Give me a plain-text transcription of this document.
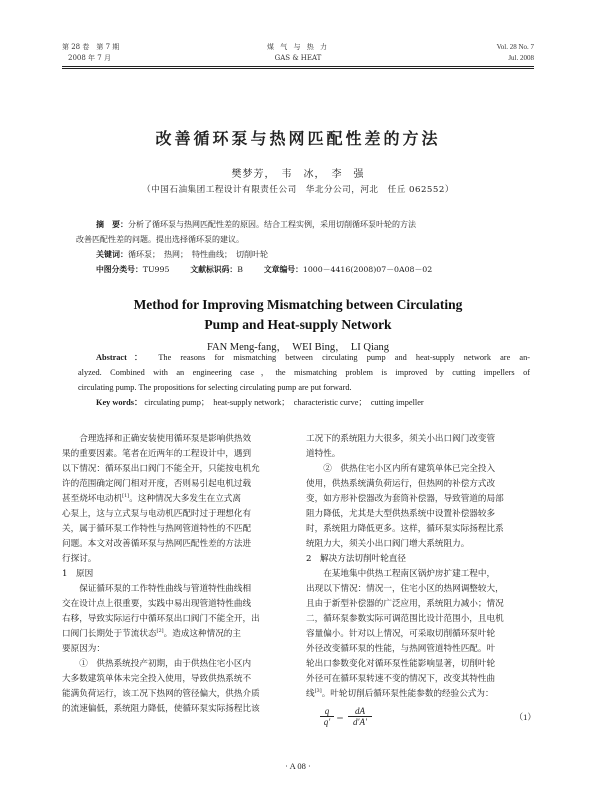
第 28 卷　第 7 期
2008 年 7 月
煤 气 与 热 力
GAS & HEAT
Vol. 28 No. 7
Jul. 2008
改善循环泵与热网匹配性差的方法
樊梦芳，　韦　冰，　李　强
（中国石油集团工程设计有限责任公司　华北分公司，河北　任丘 062552）
摘　要：分析了循环泵与热网匹配性差的原因。结合工程实例，采用切削循环泵叶轮的方法
改善匹配性差的问题。提出选择循环泵的建议。
关键词：循环泵；　热网；　特性曲线；　切削叶轮
中图分类号：TU995	文献标识码：B	文章编号：1000－4416(2008)07－0A08－02
Method for Improving Mismatching between Circulating
Pump and Heat-supply Network
FAN Meng-fang，　WEI Bing，　LI Qiang
Abstract： The reasons for mismatching between circulating pump and heat-supply network are an-
alyzed. Combined with an engineering case，the mismatching problem is improved by cutting impellers of
circulating pump. The propositions for selecting circulating pump are put forward.
Key words： circulating pump；　heat-supply network；　characteristic curve；　cutting impeller

合理选择和正确安装使用循环泵是影响供热效

果的重要因素。笔者在近两年的工程设计中，遇到

以下情况：循环泵出口阀门不能全开，只能按电机允

许的范围确定阀门相对开度，否则易引起电机过载

甚至烧坏电动机[1]。这种情况大多发生在立式离

心泵上，这与立式泵与电动机匹配时过于理想化有

关，属于循环泵工作特性与热网管道特性的不匹配

问题。本文对改善循环泵与热网匹配性差的方法进

行探讨。

1　原因

保证循环泵的工作特性曲线与管道特性曲线相

交在设计点上很重要，实践中易出现管道特性曲线

右移，导致实际运行中循环泵出口阀门不能全开，出

口阀门长期处于节流状态[2]。造成这种情况的主

要原因为：

①　供热系统投产初期，由于供热住宅小区内

大多数建筑单体未完全投入使用，导致供热系统不

能满负荷运行，该工况下热网的管径偏大，供热介质

的流速偏低，系统阻力降低，使循环泵实际扬程比该

工况下的系统阻力大很多，须关小出口阀门改变管

道特性。

②　供热住宅小区内所有建筑单体已完全投入

使用，供热系统满负荷运行，但热网的补偿方式改

变，如方形补偿器改为套筒补偿器，导致管道的局部

阻力降低，尤其是大型供热系统中设置补偿器较多

时，系统阻力降低更多。这样，循环泵实际扬程比系

统阻力大，须关小出口阀门增大系统阻力。

2　解决方法切削叶轮直径

在某地集中供热工程南区锅炉房扩建工程中，

出现以下情况：情况一，住宅小区的热网调整较大，

且由于新型补偿器的广泛应用，系统阻力减小；情况

二，循环泵参数实际可调范围比设计范围小，且电机

容量偏小。针对以上情况，可采取切削循环泵叶轮

外径改变循环泵的性能，与热网管道特性匹配。叶

轮出口参数变化对循环泵性能影响显著，切削叶轮

外径可在循环泵转速不变的情况下，改变其特性曲

线[3]。叶轮切削后循环泵性能参数的经验公式为：

$\frac{q}{q'} = \frac{dA}{d'A'}$	（1）
· A 08 ·
